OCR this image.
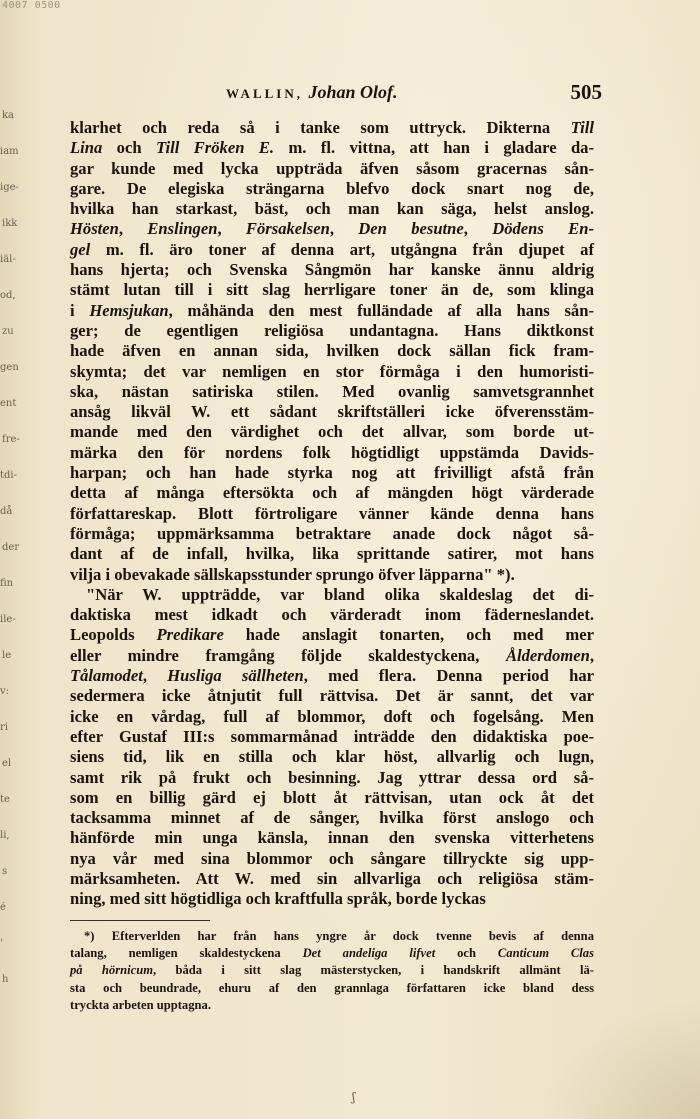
4007 0500
ka
iam
ige-
ikk
iäl-
od,
zu
gen
ent
fre-
tdi-
då
der
fin
ile-
le
v:
ri
el
te
li,
s
é
'
h
WALLIN, Johan Olof.	505
klarhet och reda så i tanke som uttryck. Dikterna Till
Lina och Till Fröken E. m. fl. vittna, att han i gladare da-
gar kunde med lycka uppträda äfven såsom gracernas sån-
gare. De elegiska strängarna blefvo dock snart nog de,
hvilka han starkast, bäst, och man kan säga, helst anslog.
Hösten, Enslingen, Försakelsen, Den besutne, Dödens En-
gel m. fl. äro toner af denna art, utgångna från djupet af
hans hjerta; och Svenska Sångmön har kanske ännu aldrig
stämt lutan till i sitt slag herrligare toner än de, som klinga
i Hemsjukan, måhända den mest fulländade af alla hans sån-
ger; de egentligen religiösa undantagna. Hans diktkonst
hade äfven en annan sida, hvilken dock sällan fick fram-
skymta; det var nemligen en stor förmåga i den humoristi-
ska, nästan satiriska stilen. Med ovanlig samvetsgrannhet
ansåg likväl W. ett sådant skriftställeri icke öfverensstäm-
mande med den värdighet och det allvar, som borde ut-
märka den för nordens folk högtidligt uppstämda Davids-
harpan; och han hade styrka nog att frivilligt afstå från
detta af många eftersökta och af mängden högt värderade
författareskap. Blott förtroligare vänner kände denna hans
förmåga; uppmärksamma betraktare anade dock något så-
dant af de infall, hvilka, lika sprittande satirer, mot hans
vilja i obevakade sällskapsstunder sprungo öfver läpparna" *).
"När W. uppträdde, var bland olika skaldeslag det di-
daktiska mest idkadt och värderadt inom fäderneslandet.
Leopolds Predikare hade anslagit tonarten, och med mer
eller mindre framgång följde skaldestyckena, Ålderdomen,
Tålamodet, Husliga sällheten, med flera. Denna period har
sedermera icke åtnjutit full rättvisa. Det är sannt, det var
icke en vårdag, full af blommor, doft och fogelsång. Men
efter Gustaf III:s sommarmånad inträdde den didaktiska poe-
siens tid, lik en stilla och klar höst, allvarlig och lugn,
samt rik på frukt och besinning. Jag yttrar dessa ord så-
som en billig gärd ej blott åt rättvisan, utan ock åt det
tacksamma minnet af de sånger, hvilka först anslogo och
hänförde min unga känsla, innan den svenska vitterhetens
nya vår med sina blommor och sångare tillryckte sig upp-
märksamheten. Att W. med sin allvarliga och religiösa stäm-
ning, med sitt högtidliga och kraftfulla språk, borde lyckas
*) Efterverlden har från hans yngre år dock tvenne bevis af denna
talang, nemligen skaldestyckena Det andeliga lifvet och Canticum Clas
på hörnicum, båda i sitt slag mästerstycken, i handskrift allmänt lä-
sta och beundrade, ehuru af den grannlaga författaren icke bland dess
tryckta arbeten upptagna.
ʃ
